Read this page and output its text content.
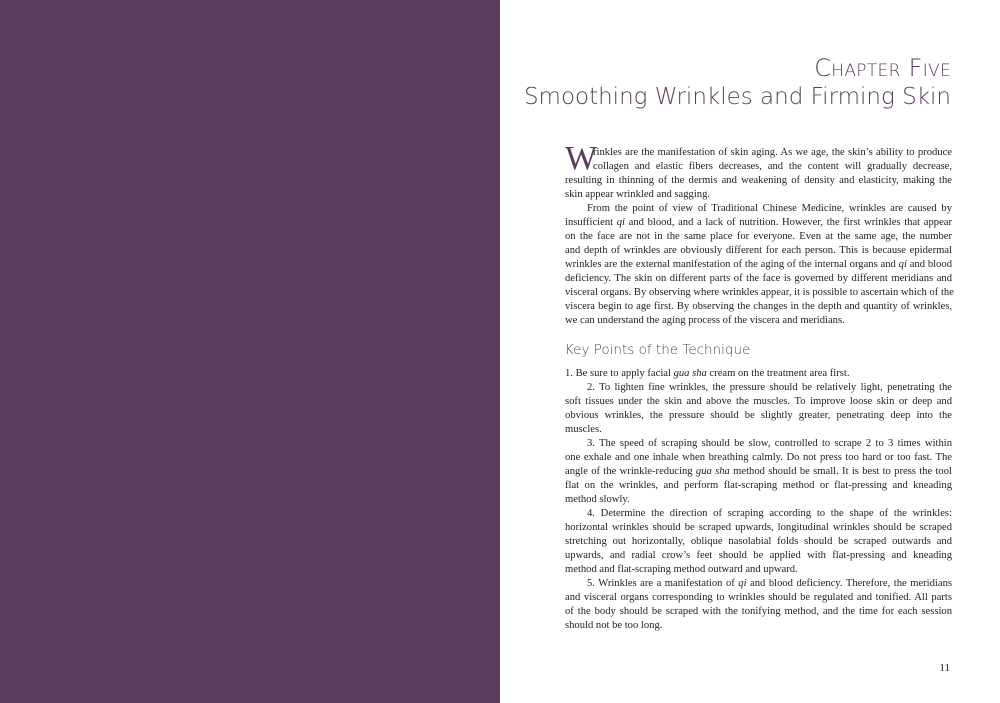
Chapter Five
Smoothing Wrinkles and Firming Skin
W
rinkles are the manifestation of skin aging. As we age, the skin’s ability to produce
collagen and elastic fibers decreases, and the content will gradually decrease,
resulting in thinning of the dermis and weakening of density and elasticity, making the
skin appear wrinkled and sagging.
From the point of view of Traditional Chinese Medicine, wrinkles are caused by
insufficient qi and blood, and a lack of nutrition. However, the first wrinkles that appear
on the face are not in the same place for everyone. Even at the same age, the number
and depth of wrinkles are obviously different for each person. This is because epidermal
wrinkles are the external manifestation of the aging of the internal organs and qi and blood
deficiency. The skin on different parts of the face is governed by different meridians and
visceral organs. By observing where wrinkles appear, it is possible to ascertain which of the
viscera begin to age first. By observing the changes in the depth and quantity of wrinkles,
we can understand the aging process of the viscera and meridians.
Key Points of the Technique
1. Be sure to apply facial gua sha cream on the treatment area first.
2. To lighten fine wrinkles, the pressure should be relatively light, penetrating the
soft tissues under the skin and above the muscles. To improve loose skin or deep and
obvious wrinkles, the pressure should be slightly greater, penetrating deep into the
muscles.
3. The speed of scraping should be slow, controlled to scrape 2 to 3 times within
one exhale and one inhale when breathing calmly. Do not press too hard or too fast. The
angle of the wrinkle-reducing gua sha method should be small. It is best to press the tool
flat on the wrinkles, and perform flat-scraping method or flat-pressing and kneading
method slowly.
4. Determine the direction of scraping according to the shape of the wrinkles:
horizontal wrinkles should be scraped upwards, longitudinal wrinkles should be scraped
stretching out horizontally, oblique nasolabial folds should be scraped outwards and
upwards, and radial crow’s feet should be applied with flat-pressing and kneading
method and flat-scraping method outward and upward.
5. Wrinkles are a manifestation of qi and blood deficiency. Therefore, the meridians
and visceral organs corresponding to wrinkles should be regulated and tonified. All parts
of the body should be scraped with the tonifying method, and the time for each session
should not be too long.
11
